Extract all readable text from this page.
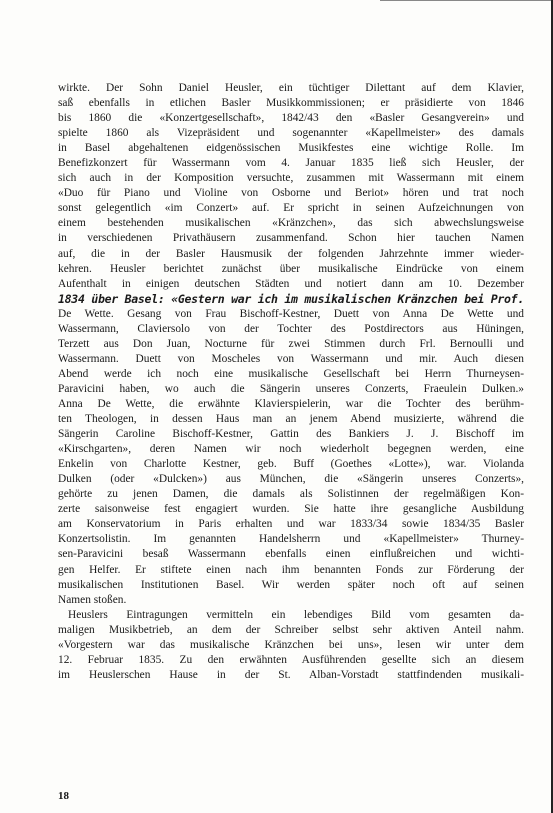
wirkte. Der Sohn Daniel Heusler, ein tüchtiger Dilettant auf dem Klavier,
saß ebenfalls in etlichen Basler Musikkommissionen; er präsidierte von 1846
bis 1860 die «Konzertgesellschaft», 1842/43 den «Basler Gesangverein» und
spielte 1860 als Vizepräsident und sogenannter «Kapellmeister» des damals
in Basel abgehaltenen eidgenössischen Musikfestes eine wichtige Rolle. Im
Benefizkonzert für Wassermann vom 4. Januar 1835 ließ sich Heusler, der
sich auch in der Komposition versuchte, zusammen mit Wassermann mit einem
«Duo für Piano und Violine von Osborne und Beriot» hören und trat noch
sonst gelegentlich «im Conzert» auf. Er spricht in seinen Aufzeichnungen von
einem bestehenden musikalischen «Kränzchen», das sich abwechslungsweise
in verschiedenen Privathäusern zusammenfand. Schon hier tauchen Namen
auf, die in der Basler Hausmusik der folgenden Jahrzehnte immer wieder-
kehren. Heusler berichtet zunächst über musikalische Eindrücke von einem
Aufenthalt in einigen deutschen Städten und notiert dann am 10. Dezember
1834 über Basel: «Gestern war ich im musikalischen Kränzchen bei Prof.
De Wette. Gesang von Frau Bischoff-Kestner, Duett von Anna De Wette und
Wassermann, Claviersolo von der Tochter des Postdirectors aus Hüningen,
Terzett aus Don Juan, Nocturne für zwei Stimmen durch Frl. Bernoulli und
Wassermann. Duett von Moscheles von Wassermann und mir. Auch diesen
Abend werde ich noch eine musikalische Gesellschaft bei Herrn Thurneysen-
Paravicini haben, wo auch die Sängerin unseres Conzerts, Fraeulein Dulken.»
Anna De Wette, die erwähnte Klavierspielerin, war die Tochter des berühm-
ten Theologen, in dessen Haus man an jenem Abend musizierte, während die
Sängerin Caroline Bischoff-Kestner, Gattin des Bankiers J. J. Bischoff im
«Kirschgarten», deren Namen wir noch wiederholt begegnen werden, eine
Enkelin von Charlotte Kestner, geb. Buff (Goethes «Lotte»), war. Violanda
Dulken (oder «Dulcken») aus München, die «Sängerin unseres Conzerts»,
gehörte zu jenen Damen, die damals als Solistinnen der regelmäßigen Kon-
zerte saisonweise fest engagiert wurden. Sie hatte ihre gesangliche Ausbildung
am Konservatorium in Paris erhalten und war 1833/34 sowie 1834/35 Basler
Konzertsolistin. Im genannten Handelsherrn und «Kapellmeister» Thurney-
sen-Paravicini besaß Wassermann ebenfalls einen einflußreichen und wichti-
gen Helfer. Er stiftete einen nach ihm benannten Fonds zur Förderung der
musikalischen Institutionen Basel. Wir werden später noch oft auf seinen
Namen stoßen.
Heuslers Eintragungen vermitteln ein lebendiges Bild vom gesamten da-
maligen Musikbetrieb, an dem der Schreiber selbst sehr aktiven Anteil nahm.
«Vorgestern war das musikalische Kränzchen bei uns», lesen wir unter dem
12. Februar 1835. Zu den erwähnten Ausführenden gesellte sich an diesem
im Heuslerschen Hause in der St. Alban-Vorstadt stattfindenden musikali-
18
